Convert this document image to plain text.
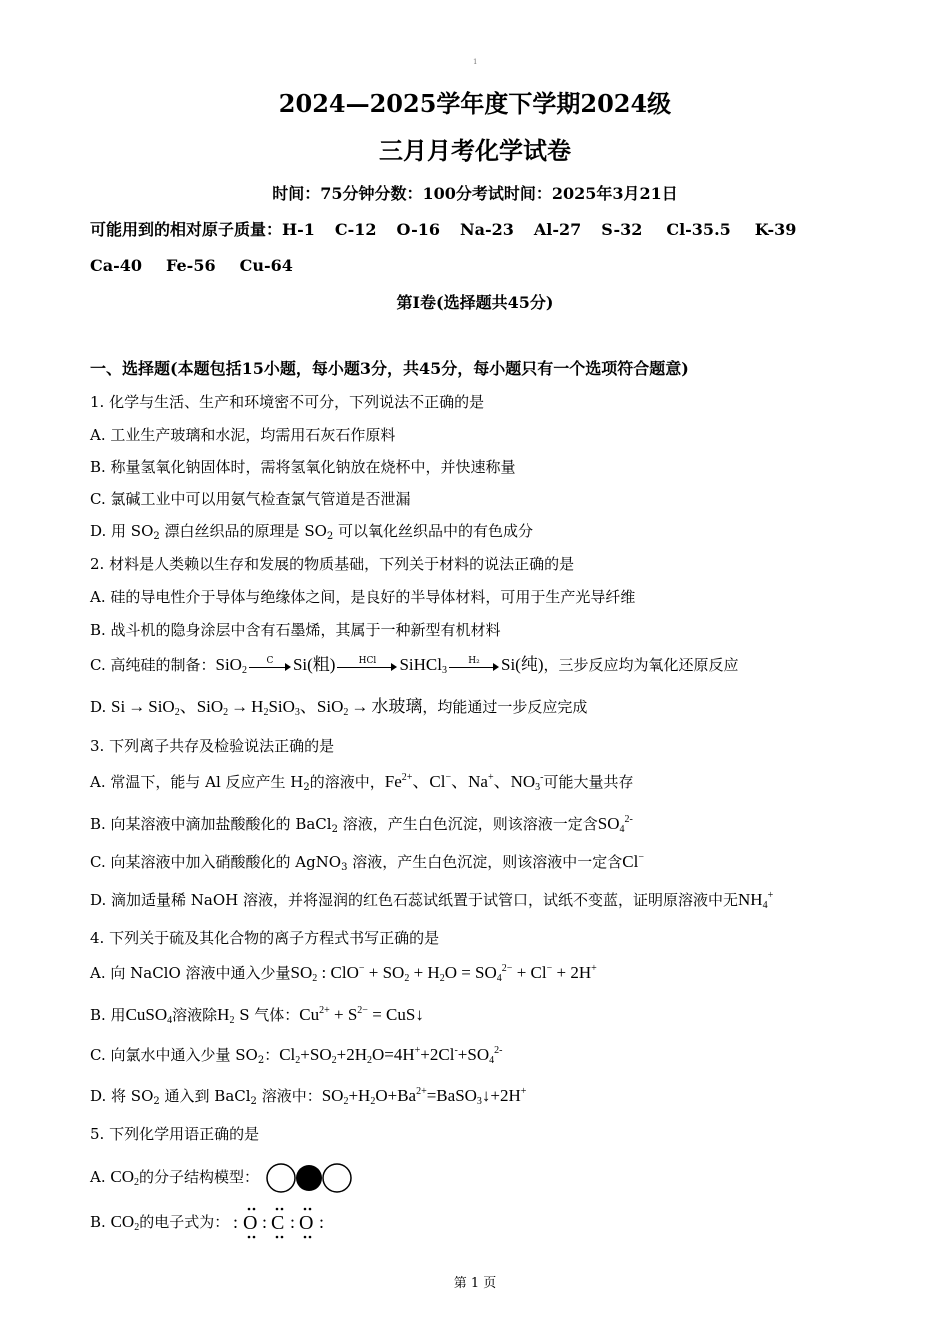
1
2024—2025学年度下学期2024级
三月月考化学试卷
时间：75分钟分数：100分考试时间：2025年3月21日
可能用到的相对原子质量：H-1 C-12 O-16 Na-23 Al-27 S-32 Cl-35.5 K-39
Ca-40 Fe-56 Cu-64
第Ⅰ卷(选择题共45分)
一、选择题(本题包括15小题，每小题3分，共45分，每小题只有一个选项符合题意)
1. 化学与生活、生产和环境密不可分，下列说法不正确的是
A. 工业生产玻璃和水泥，均需用石灰石作原料
B. 称量氢氧化钠固体时，需将氢氧化钠放在烧杯中，并快速称量
C. 氯碱工业中可以用氨气检查氯气管道是否泄漏
D. 用 $SO_2$ 漂白丝织品的原理是 $SO_2$ 可以氧化丝织品中的有色成分
2. 材料是人类赖以生存和发展的物质基础，下列关于材料的说法正确的是
A. 硅的导电性介于导体与绝缘体之间，是良好的半导体材料，可用于生产光导纤维
B. 战斗机的隐身涂层中含有石墨烯，其属于一种新型有机材料
C. 高纯硅的制备：SiO$_2$
C	Si(粗)	HCl	SiHCl$_3$
H₂	Si(纯)，三步反应均为氧化还原反应
D. Si → SiO$_2$、$SiO_2 \to H_2SiO_3$、SiO$_2$ → 水玻璃，均能通过一步反应完成
3. 下列离子共存及检验说法正确的是
A. 常温下，能与 Al 反应产生 $H_2$的溶液中，$Fe^{2+}$、Cl−、Na+、$NO_3^-$可能大量共存
B. 向某溶液中滴加盐酸酸化的 BaCl$_2$ 溶液，产生白色沉淀，则该溶液一定含$SO_4^{2-}$
C. 向某溶液中加入硝酸酸化的 AgNO$_3$ 溶液，产生白色沉淀，则该溶液中一定含Cl−
D. 滴加适量稀 NaOH 溶液，并将湿润的红色石蕊试纸置于试管口，试纸不变蓝，证明原溶液中无$NH_4^+$
4. 下列关于硫及其化合物的离子方程式书写正确的是
A. 向 NaClO 溶液中通入少量$SO_2$ : $ClO^- + SO_2 + H_2O = SO_4^{2-} + Cl^- + 2H^+$
B. 用CuSO$_4$溶液除$H_2$ S 气体：$Cu^{2+} + S^{2-}$ = CuS↓
C. 向氯水中通入少量 $SO_2$：$Cl_2+SO_2+2H_2O=4H^++2Cl^-+SO_4^{2-}$
D. 将 $SO_2$ 通入到 BaCl$_2$ 溶液中：$SO_2+H_2O+Ba^{2+}=BaSO_3↓+2H^+$
5. 下列化学用语正确的是
A. $CO_2$的分子结构模型：
B. $CO_2$的电子式为： : O : C : O :
第 1 页
